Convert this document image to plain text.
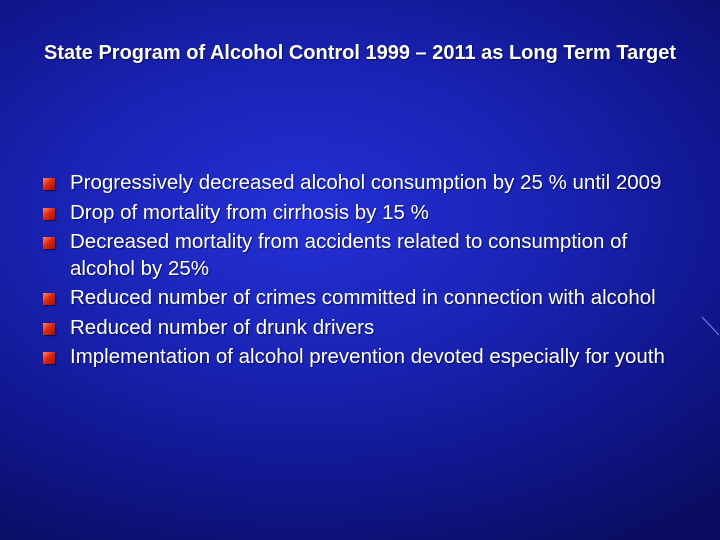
State Program of Alcohol Control 1999 – 2011 as Long Term Target
Progressively decreased alcohol consumption by 25 % until 2009
Drop of mortality from cirrhosis by 15 %
Decreased mortality from accidents related to consumption of alcohol by 25%
Reduced number of crimes committed in connection with alcohol
Reduced number of drunk drivers
Implementation of alcohol prevention devoted especially for youth
